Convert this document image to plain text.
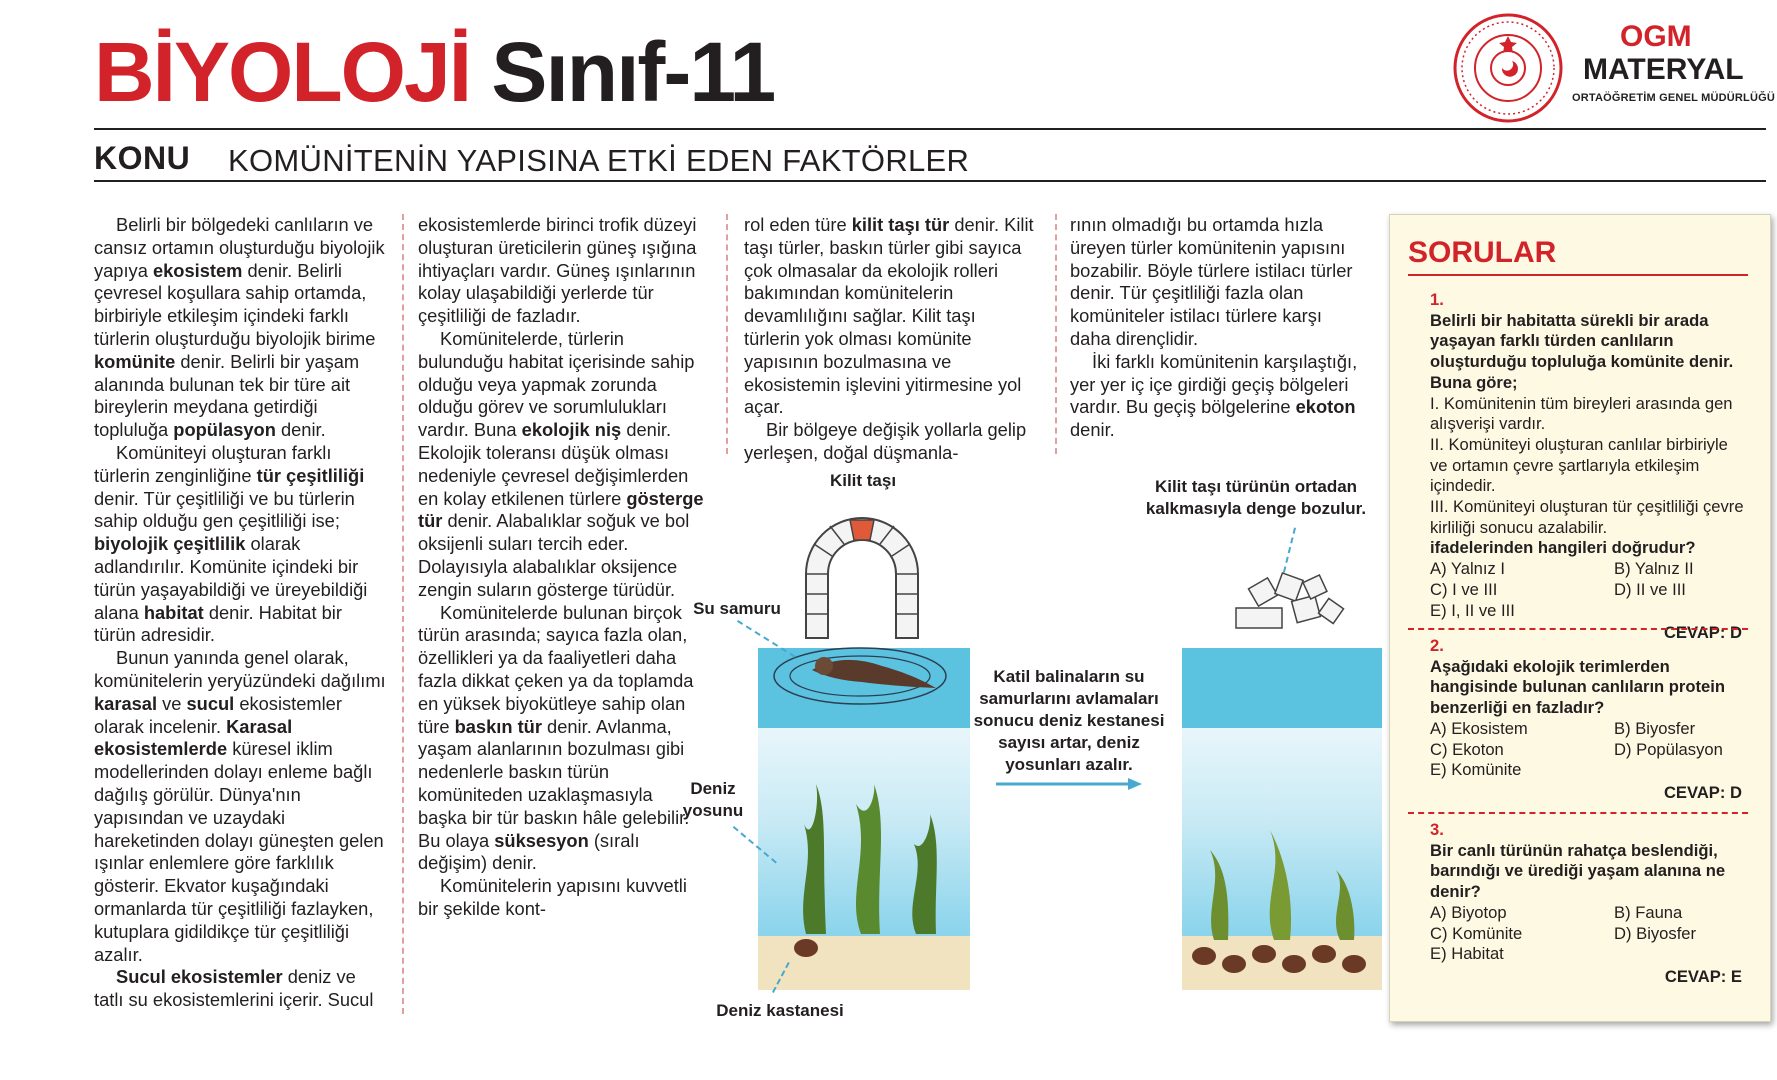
BİYOLOJİ Sınıf-11	OGM
MATERYAL
ORTAÖĞRETİM GENEL MÜDÜRLÜĞÜ
KONU KOMÜNİTENİN YAPISINA ETKİ EDEN FAKTÖRLER

Belirli bir bölgedeki canlıların ve cansız ortamın oluşturduğu biyolojik yapıya ekosistem denir. Belirli çevresel koşullara sahip ortamda, birbiriyle etkileşim içindeki farklı türlerin oluşturduğu biyolojik birime komünite denir. Belirli bir yaşam alanında bulunan tek bir türe ait bireylerin meydana getirdiği topluluğa popülasyon denir.

Komüniteyi oluşturan farklı türlerin zenginliğine tür çeşitliliği denir. Tür çeşitliliği ve bu türlerin sahip olduğu gen çeşitliliği ise; biyolojik çeşitlilik olarak adlandırılır. Komünite içindeki bir türün yaşayabildiği ve üreyebildiği alana habitat denir. Habitat bir türün adresidir.

Bunun yanında genel olarak, komünitelerin yeryüzündeki dağılımı karasal ve sucul ekosistemler olarak incelenir. Karasal ekosistemlerde küresel iklim modellerinden dolayı enleme bağlı dağılış görülür. Dünya'nın yapısından ve uzaydaki hareketinden dolayı güneşten gelen ışınlar enlemlere göre farklılık gösterir. Ekvator kuşağındaki ormanlarda tür çeşitliliği fazlayken, kutuplara gidildikçe tür çeşitliliği azalır.

Sucul ekosistemler deniz ve tatlı su ekosistemlerini içerir. Sucul

ekosistemlerde birinci trofik düzeyi oluşturan üreticilerin güneş ışığına ihtiyaçları vardır. Güneş ışınlarının kolay ulaşabildiği yerlerde tür çeşitliliği de fazladır.

Komünitelerde, türlerin bulunduğu habitat içerisinde sahip olduğu veya yapmak zorunda olduğu görev ve sorumlulukları vardır. Buna ekolojik niş denir. Ekolojik toleransı düşük olması nedeniyle çevresel değişimlerden en kolay etkilenen türlere gösterge tür denir. Alabalıklar soğuk ve bol oksijenli suları tercih eder. Dolayısıyla alabalıklar oksijence zengin suların gösterge türüdür.

Komünitelerde bulunan birçok türün arasında; sayıca fazla olan, özellikleri ya da faaliyetleri daha fazla dikkat çeken ya da toplamda en yüksek biyokütleye sahip olan türe baskın tür denir. Avlanma, yaşam alanlarının bozulması gibi nedenlerle baskın türün komüniteden uzaklaşmasıyla başka bir tür baskın hâle gelebilir. Bu olaya süksesyon (sıralı değişim) denir.

Komünitelerin yapısını kuvvetli bir şekilde kont-

rol eden türe kilit taşı tür denir. Kilit taşı türler, baskın türler gibi sayıca çok olmasalar da ekolojik rolleri bakımından komünitelerin devamlılığını sağlar. Kilit taşı türlerin yok olması komünite yapısının bozulmasına ve ekosistemin işlevini yitirmesine yol açar.

Bir bölgeye değişik yollarla gelip yerleşen, doğal düşmanla-

rının olmadığı bu ortamda hızla üreyen türler komünitenin yapısını bozabilir. Böyle türlere istilacı türler denir. Tür çeşitliliği fazla olan komüniteler istilacı türlere karşı daha dirençlidir.

İki farklı komünitenin karşılaştığı, yer yer iç içe girdiği geçiş bölgeleri vardır. Bu geçiş bölgelerine ekoton denir.

Kilit taşı
Su samuru
Deniz
yosunu
Deniz kastanesi
Katil balinaların su
samurlarını avlamaları
sonucu deniz kestanesi
sayısı artar, deniz
yosunları azalır.
Kilit taşı türünün ortadan
kalkmasıyla denge bozulur.
SORULAR
1.
Belirli bir habitatta sürekli bir arada yaşayan farklı türden canlıların oluşturduğu topluluğa komünite denir. Buna göre;
I. Komünitenin tüm bireyleri arasında gen alışverişi vardır.
II. Komüniteyi oluşturan canlılar birbiriyle ve ortamın çevre şartlarıyla etkileşim içindedir.
III. Komüniteyi oluşturan tür çeşitliliği çevre kirliliği sonucu azalabilir.
ifadelerinden hangileri doğrudur?
A) Yalnız I	B) Yalnız II
C) I ve III	D) II ve III
E) I, II ve III
CEVAP: D
2.
Aşağıdaki ekolojik terimlerden hangisinde bulunan canlıların protein benzerliği en fazladır?
A) Ekosistem	B) Biyosfer
C) Ekoton	D) Popülasyon
E) Komünite
CEVAP: D
3.
Bir canlı türünün rahatça beslendiği, barındığı ve ürediği yaşam alanına ne denir?
A) Biyotop	B) Fauna
C) Komünite	D) Biyosfer
E) Habitat
CEVAP: E
